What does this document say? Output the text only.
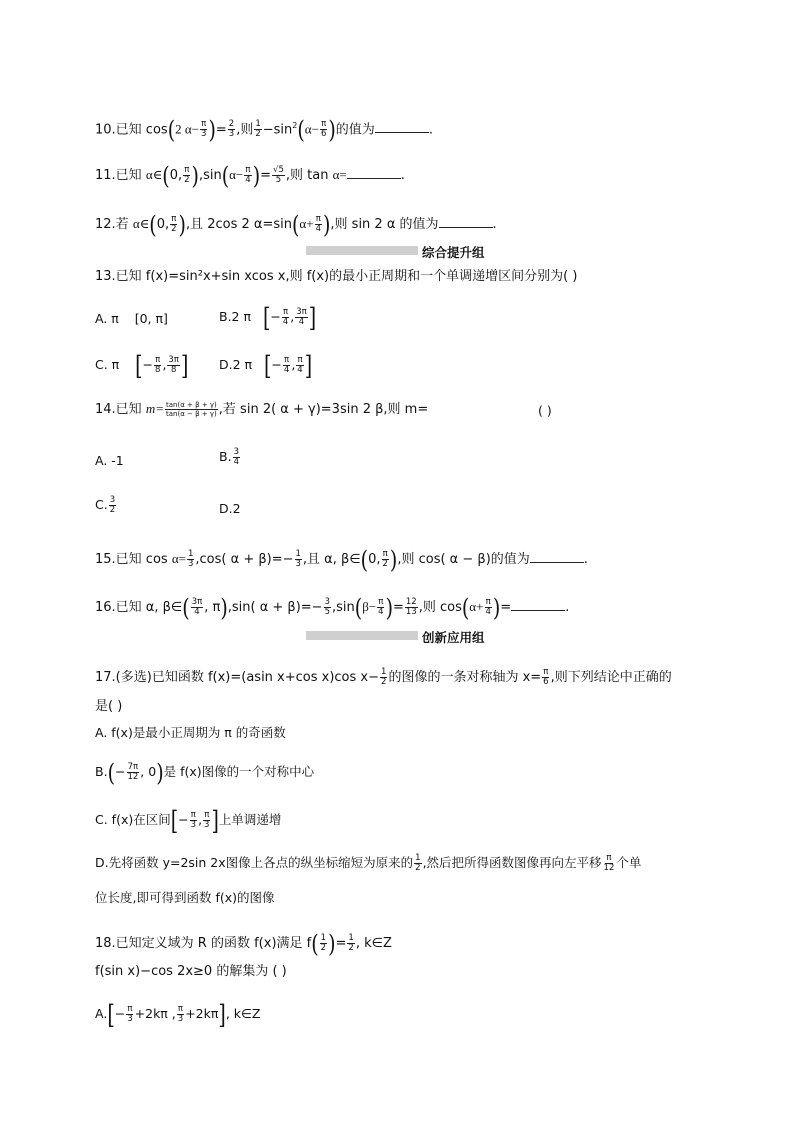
10.已知 cos(2 $\alpha- \frac{\pi}{3}$ )= $\frac{2}{3}$ ,则 $\frac{1}{2} -\sin^2(\alpha- \frac{\pi}{6}$ )的值为	.
11.已知 α∈(0, $\frac{\pi}{2} ),\sin(\alpha- \frac{\pi}{4}$ )= $\frac{√5}{5}$ ,则 tan α=	.
12.若 α∈(0, $\frac{\pi}{2}$ ),且 2cos 2 $\alpha=\sin(\alpha+ \frac{\pi}{4}$ ),则 sin 2 α 的值为	.
综合提升组
13.已知 f(x)=sin²x+sin xcos x,则 f(x)的最小正周期和一个单调递增区间分别为( )
A. π [0, π]	B.2 π [− $\frac{\pi}{4}$ , $\frac{3\pi}{4}$ ]
C. π [− $\frac{\pi}{8}$ , $\frac{3\pi}{8}$ ] D.2 π [− $\frac{\pi}{4}$ , $\frac{\pi}{4}$ ]
14.已知 $m= \frac{\tan(\alpha + \beta + \gamma)}{\tan(\alpha - \beta + \gamma)}$ ,若 sin 2( α + γ)=3sin 2 β,则 m=	( )
A. -1	B. $\frac{3}{4}$
C. $\frac{3}{2}$	D.2
15.已知 $\cos \alpha= \frac{1}{3} ,\cos$( $\alpha + \beta)=- \frac{1}{3}$ ,且 α, β∈(0, $\frac{\pi}{2}$ ),则 cos( α − β)的值为	.
16.已知 α, β∈( $\frac{3\pi}{4}$ , π),sin( $\alpha + \beta)=- \frac{3}{5} ,\sin(\beta- \frac{\pi}{4}$ )= $\frac{12}{13}$ ,则 $\cos(\alpha+ \frac{\pi}{4}$ )=	.
创新应用组
17.(多选)已知函数 f(x)=(asin x+cos x)cos $x- \frac{1}{2}$ 的图像的一条对称轴为 $x= \frac{\pi}{6}$ ,则下列结论中正确的
是( )
A. f(x)是最小正周期为 π 的奇函数
$B.(- \frac{7\pi}{12}$ , 0)是 f(x)图像的一个对称中心
C. f(x)在区间[− $\frac{\pi}{3}$ , $\frac{\pi}{3}$ ]上单调递增
D.先将函数 y=2sin 2x图像上各点的纵坐标缩短为原来的 $\frac{1}{2}$ ,然后把所得函数图像再向左平移 $\frac{\pi}{12}$ 个单
位长度,即可得到函数 f(x)的图像
18.已知定义域为 R 的函数 f(x)满足 $f( \frac{1}{2}$ )= $\frac{1}{2}$ , k∈Z
f(sin x)−cos 2x≥0 的解集为 ( )
$A.[- \frac{\pi}{3} +2k\pi$ , $\frac{\pi}{3} +2k\pi$], k∈Z
